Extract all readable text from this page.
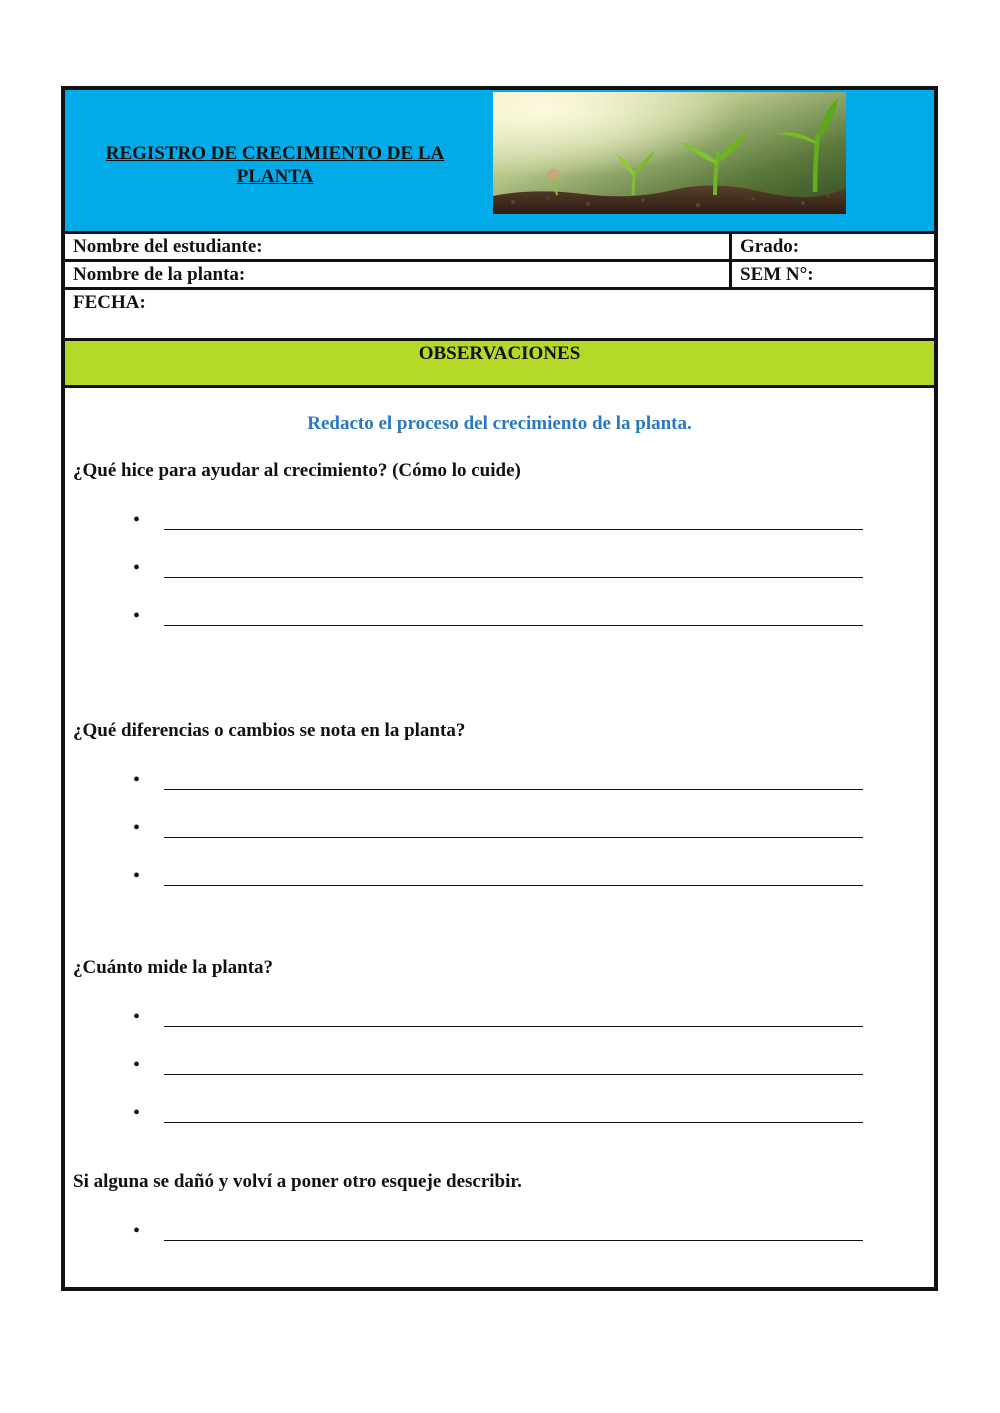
REGISTRO DE CRECIMIENTO DE LA PLANTA
Nombre del estudiante:	Grado:
Nombre de la planta:	SEM N°:
FECHA:
OBSERVACIONES
Redacto el proceso del crecimiento de la planta.
¿Qué hice para ayudar al crecimiento? (Cómo lo cuide)
•
•
•
¿Qué diferencias o cambios se nota en la planta?
•
•
•
¿Cuánto mide la planta?
•
•
•
Si alguna se dañó y volví a poner otro esqueje describir.
•
